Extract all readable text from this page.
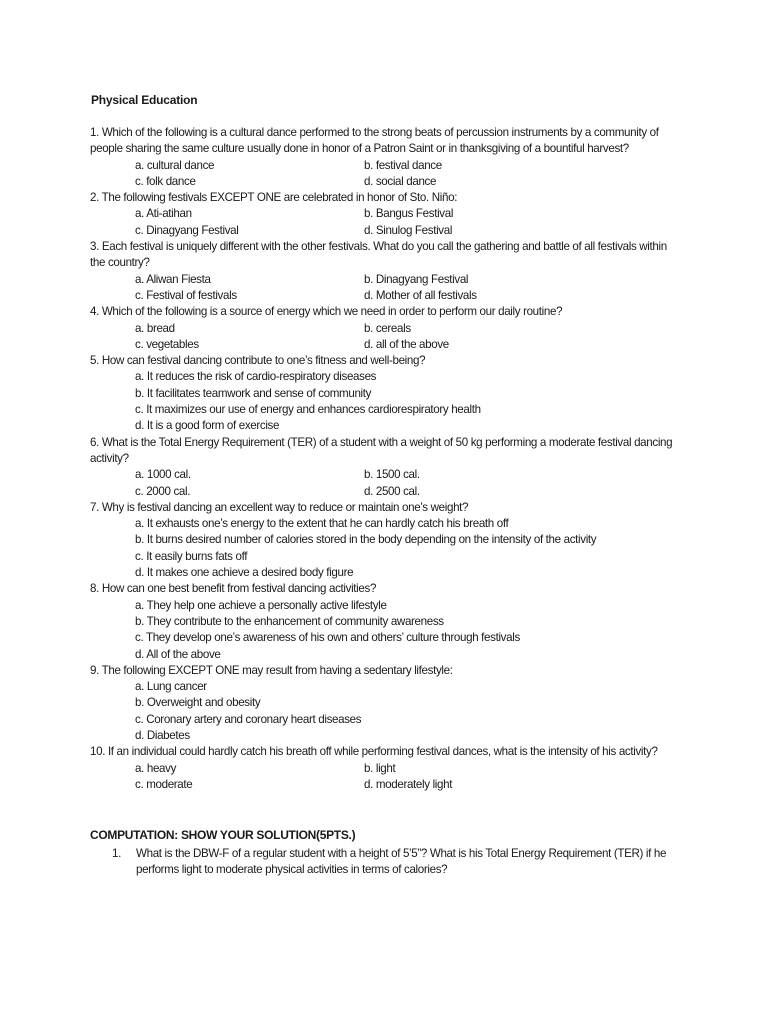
Physical Education
1. Which of the following is a cultural dance performed to the strong beats of percussion instruments by a community of people sharing the same culture usually done in honor of a Patron Saint or in thanksgiving of a bountiful harvest?
a. cultural dance	b. festival dance
c. folk dance	d. social dance
2. The following festivals EXCEPT ONE are celebrated in honor of Sto. Niño:
a. Ati-atihan	b. Bangus Festival
c. Dinagyang Festival	d. Sinulog Festival
3. Each festival is uniquely different with the other festivals. What do you call the gathering and battle of all festivals within the country?
a. Aliwan Fiesta	b. Dinagyang Festival
c. Festival of festivals	d. Mother of all festivals
4. Which of the following is a source of energy which we need in order to perform our daily routine?
a. bread	b. cereals
c. vegetables	d. all of the above
5. How can festival dancing contribute to one’s fitness and well-being?
a. It reduces the risk of cardio-respiratory diseases
b. It facilitates teamwork and sense of community
c. It maximizes our use of energy and enhances cardiorespiratory health
d. It is a good form of exercise
6. What is the Total Energy Requirement (TER) of a student with a weight of 50 kg performing a moderate festival dancing activity?
a. 1000 cal.	b. 1500 cal.
c. 2000 cal.	d. 2500 cal.
7. Why is festival dancing an excellent way to reduce or maintain one’s weight?
a. It exhausts one’s energy to the extent that he can hardly catch his breath off
b. It burns desired number of calories stored in the body depending on the intensity of the activity
c. It easily burns fats off
d. It makes one achieve a desired body figure
8. How can one best benefit from festival dancing activities?
a. They help one achieve a personally active lifestyle
b. They contribute to the enhancement of community awareness
c. They develop one’s awareness of his own and others’ culture through festivals
d. All of the above
9. The following EXCEPT ONE may result from having a sedentary lifestyle:
a. Lung cancer
b. Overweight and obesity
c. Coronary artery and coronary heart diseases
d. Diabetes
10. If an individual could hardly catch his breath off while performing festival dances, what is the intensity of his activity?
a. heavy	b. light
c. moderate	d. moderately light
COMPUTATION: SHOW YOUR SOLUTION(5PTS.)
1. What is the DBW-F of a regular student with a height of 5’5”? What is his Total Energy Requirement (TER) if he performs light to moderate physical activities in terms of calories?
